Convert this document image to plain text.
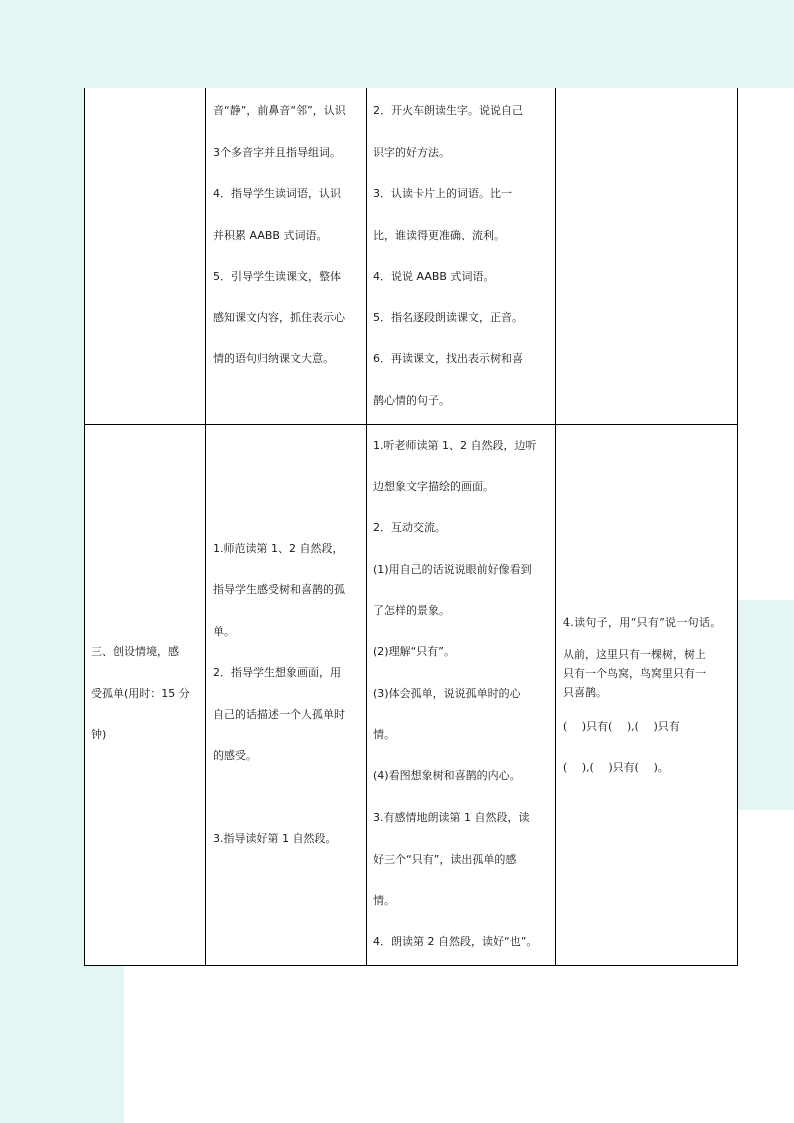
音“静”，前鼻音“邻”，认识
3个多音字并且指导组词。
4．指导学生读词语，认识
并积累 AABB 式词语。
5．引导学生读课文，整体
感知课文内容，抓住表示心
情的语句归纳课文大意。
2．开火车朗读生字。说说自己
识字的好方法。
3．认读卡片上的词语。比一
比，谁读得更准确、流利。
4．说说 AABB 式词语。
5．指名逐段朗读课文，正音。
6．再读课文，找出表示树和喜
鹊心情的句子。
三、创设情境，感
受孤单(用时：15 分
钟)
1.师范读第 1、2 自然段，
指导学生感受树和喜鹊的孤
单。
2．指导学生想象画面，用
自己的话描述一个人孤单时
的感受。
3.指导读好第 1 自然段。
1.听老师读第 1、2 自然段，边听
边想象文字描绘的画面。
2．互动交流。
(1)用自己的话说说眼前好像看到
了怎样的景象。
(2)理解“只有”。
(3)体会孤单，说说孤单时的心
情。
(4)看图想象树和喜鹊的内心。
3.有感情地朗读第 1 自然段，读
好三个“只有”，读出孤单的感
情。
4．朗读第 2 自然段，读好“也”。
4.读句子，用“只有”说一句话。
从前，这里只有一棵树，树上
只有一个鸟窝，鸟窝里只有一
只喜鹊。
(　 )只有(　 ),(　 )只有
(　 ),(　 )只有(　 )。
